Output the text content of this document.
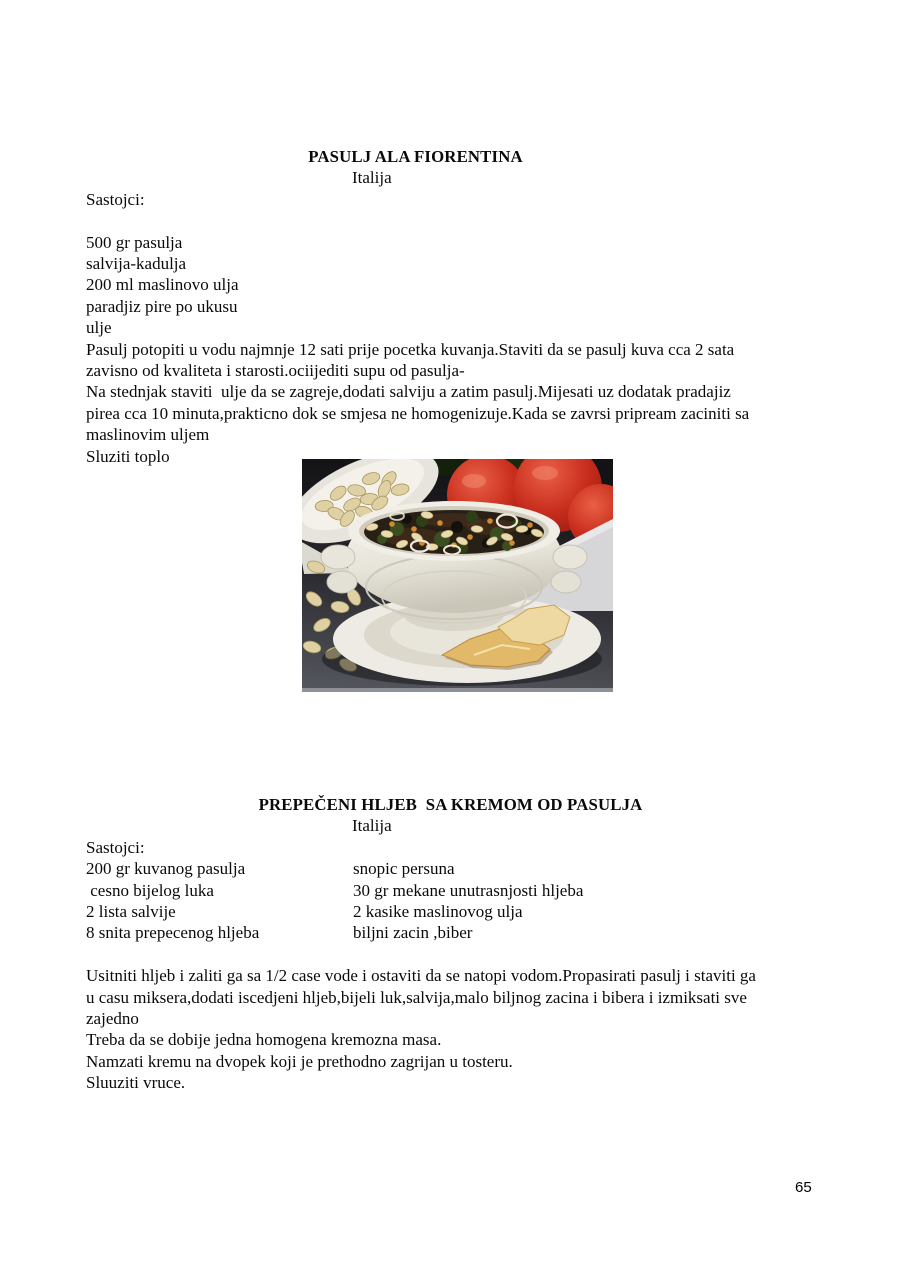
PASULJ ALA FIORENTINA
Italija
Sastojci:
500 gr pasulja
salvija-kadulja
200 ml maslinovo ulja
paradjiz pire po ukusu
ulje
Pasulj potopiti u vodu najmnje 12 sati prije pocetka kuvanja.Staviti da se pasulj kuva cca 2 sata
zavisno od kvaliteta i starosti.ociijediti supu od pasulja-
Na stednjak staviti  ulje da se zagreje,dodati salviju a zatim pasulj.Mijesati uz dodatak pradajiz
pirea cca 10 minuta,prakticno dok se smjesa ne homogenizuje.Kada se zavrsi pripream zaciniti sa
maslinovim uljem
Sluziti toplo
PREPEČENI HLJEB  SA KREMOM OD PASULJA
Italija
Sastojci:
200 gr kuvanog pasulja	snopic persuna
cesno bijelog luka	30 gr mekane unutrasnjosti hljeba
2 lista salvije	2 kasike maslinovog ulja
8 snita prepecenog hljeba	biljni zacin ,biber
Usitniti hljeb i zaliti ga sa 1/2 case vode i ostaviti da se natopi vodom.Propasirati pasulj i staviti ga
u casu miksera,dodati iscedjeni hljeb,bijeli luk,salvija,malo biljnog zacina i bibera i izmiksati sve
zajedno
Treba da se dobije jedna homogena kremozna masa.
Namzati kremu na dvopek koji je prethodno zagrijan u tosteru.
Sluuziti vruce.
65
